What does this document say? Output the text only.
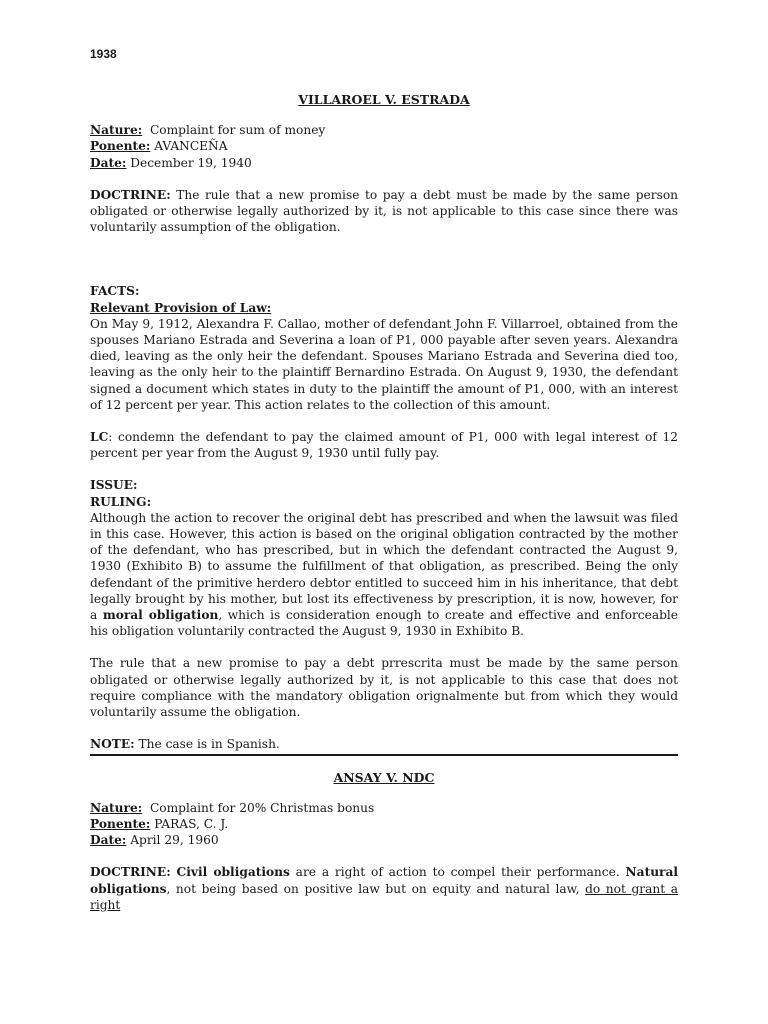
1938
VILLAROEL V. ESTRADA

Nature: Complaint for sum of money

Ponente: AVANCEÑA

Date: December 19, 1940

DOCTRINE: The rule that a new promise to pay a debt must be made by the same person obligated or otherwise legally authorized by it, is not applicable to this case since there was voluntarily assumption of the obligation.

FACTS:

Relevant Provision of Law:

On May 9, 1912, Alexandra F. Callao, mother of defendant John F. Villarroel, obtained from the spouses Mariano Estrada and Severina a loan of P1, 000 payable after seven years. Alexandra died, leaving as the only heir the defendant. Spouses Mariano Estrada and Severina died too, leaving as the only heir to the plaintiff Bernardino Estrada. On August 9, 1930, the defendant signed a document which states in duty to the plaintiff the amount of P1, 000, with an interest of 12 percent per year. This action relates to the collection of this amount.

LC: condemn the defendant to pay the claimed amount of P1, 000 with legal interest of 12 percent per year from the August 9, 1930 until fully pay.

ISSUE:

RULING:

Although the action to recover the original debt has prescribed and when the lawsuit was filed in this case. However, this action is based on the original obligation contracted by the mother of the defendant, who has prescribed, but in which the defendant contracted the August 9, 1930 (Exhibito B) to assume the fulfillment of that obligation, as prescribed. Being the only defendant of the primitive herdero debtor entitled to succeed him in his inheritance, that debt legally brought by his mother, but lost its effectiveness by prescription, it is now, however, for a moral obligation, which is consideration enough to create and effective and enforceable his obligation voluntarily contracted the August 9, 1930 in Exhibito B.

The rule that a new promise to pay a debt prrescrita must be made by the same person obligated or otherwise legally authorized by it, is not applicable to this case that does not require compliance with the mandatory obligation orignalmente but from which they would voluntarily assume the obligation.

NOTE: The case is in Spanish.

ANSAY V. NDC

Nature: Complaint for 20% Christmas bonus

Ponente: PARAS, C. J.

Date: April 29, 1960

DOCTRINE: Civil obligations are a right of action to compel their performance. Natural obligations, not being based on positive law but on equity and natural law, do not grant a right
